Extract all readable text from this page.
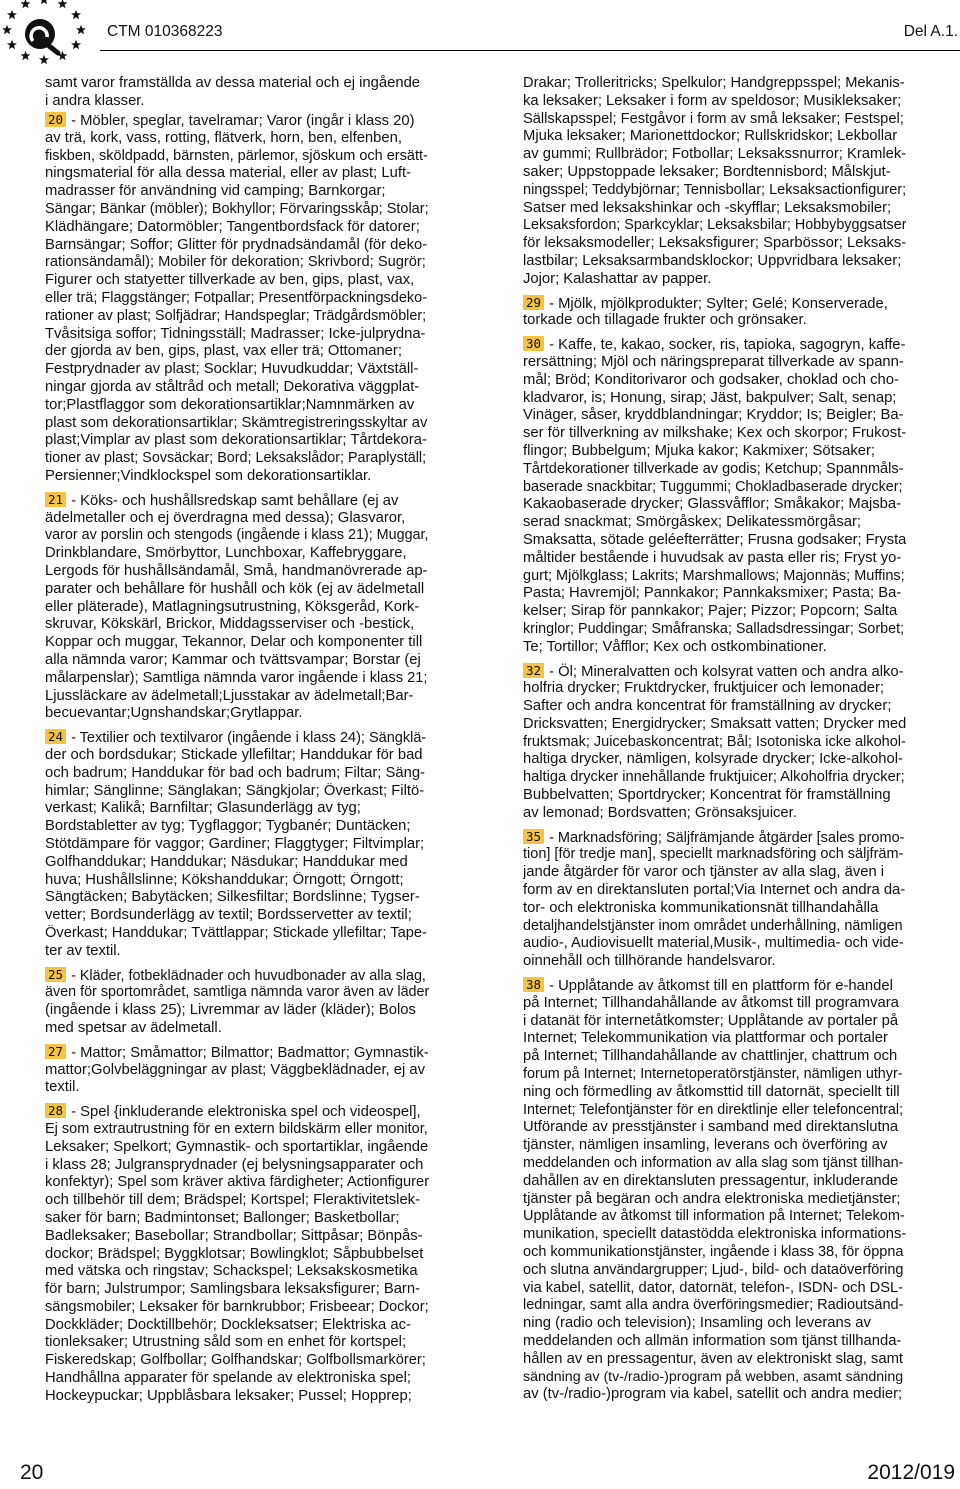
CTM 010368223	Del A.1.
samt varor framställda av dessa material och ej ingående
i andra klasser.
20 - Möbler, speglar, tavelramar; Varor (ingår i klass 20)
av trä, kork, vass, rotting, flätverk, horn, ben, elfenben,
fiskben, sköldpadd, bärnsten, pärlemor, sjöskum och ersätt-
ningsmaterial för alla dessa material, eller av plast; Luft-
madrasser för användning vid camping; Barnkorgar;
Sängar; Bänkar (möbler); Bokhyllor; Förvaringsskåp; Stolar;
Klädhängare; Datormöbler; Tangentbordsfack för datorer;
Barnsängar; Soffor; Glitter för prydnadsändamål (för deko-
rationsändamål); Mobiler för dekoration; Skrivbord; Sugrör;
Figurer och statyetter tillverkade av ben, gips, plast, vax,
eller trä; Flaggstänger; Fotpallar; Presentförpackningsdeko-
rationer av plast; Solfjädrar; Handspeglar; Trädgårdsmöbler;
Tvåsitsiga soffor; Tidningsställ; Madrasser; Icke-julprydna-
der gjorda av ben, gips, plast, vax eller trä; Ottomaner;
Festprydnader av plast; Socklar; Huvudkuddar; Växtställ-
ningar gjorda av ståltråd och metall; Dekorativa väggplat-
tor;Plastflaggor som dekorationsartiklar;Namnmärken av
plast som dekorationsartiklar; Skämtregistreringsskyltar av
plast;Vimplar av plast som dekorationsartiklar; Tårtdekora-
tioner av plast; Sovsäckar; Bord; Leksakslådor; Paraplyställ;
Persienner;Vindklockspel som dekorationsartiklar.
21 - Köks- och hushållsredskap samt behållare (ej av
ädelmetaller och ej överdragna med dessa); Glasvaror,
varor av porslin och stengods (ingående i klass 21); Muggar,
Drinkblandare, Smörbyttor, Lunchboxar, Kaffebryggare,
Lergods för hushållsändamål, Små, handmanövrerade ap-
parater och behållare för hushåll och kök (ej av ädelmetall
eller pläterade), Matlagningsutrustning, Köksgeråd, Kork-
skruvar, Kökskärl, Brickor, Middagsserviser och -bestick,
Koppar och muggar, Tekannor, Delar och komponenter till
alla nämnda varor; Kammar och tvättsvampar; Borstar (ej
målarpenslar); Samtliga nämnda varor ingående i klass 21;
Ljussläckare av ädelmetall;Ljusstakar av ädelmetall;Bar-
becuevantar;Ugnshandskar;Grytlappar.
24 - Textilier och textilvaror (ingående i klass 24); Sängklä-
der och bordsdukar; Stickade yllefiltar; Handdukar för bad
och badrum; Handdukar för bad och badrum; Filtar; Säng-
himlar; Sänglinne; Sänglakan; Sängkjolar; Överkast; Filtö-
verkast; Kalikå; Barnfiltar; Glasunderlägg av tyg;
Bordstabletter av tyg; Tygflaggor; Tygbanér; Duntäcken;
Stötdämpare för vaggor; Gardiner; Flaggtyger; Filtvimplar;
Golfhanddukar; Handdukar; Näsdukar; Handdukar med
huva; Hushållslinne; Kökshanddukar; Örngott; Örngott;
Sängtäcken; Babytäcken; Silkesfiltar; Bordslinne; Tygser-
vetter; Bordsunderlägg av textil; Bordsservetter av textil;
Överkast; Handdukar; Tvättlappar; Stickade yllefiltar; Tape-
ter av textil.
25 - Kläder, fotbeklädnader och huvudbonader av alla slag,
även för sportområdet, samtliga nämnda varor även av läder
(ingående i klass 25); Livremmar av läder (kläder); Bolos
med spetsar av ädelmetall.
27 - Mattor; Småmattor; Bilmattor; Badmattor; Gymnastik-
mattor;Golvbeläggningar av plast; Väggbeklädnader, ej av
textil.
28 - Spel {inkluderande elektroniska spel och videospel],
Ej som extrautrustning för en extern bildskärm eller monitor,
Leksaker; Spelkort; Gymnastik- och sportartiklar, ingående
i klass 28; Julgransprydnader (ej belysningsapparater och
konfektyr); Spel som kräver aktiva färdigheter; Actionfigurer
och tillbehör till dem; Brädspel; Kortspel; Fleraktivitetslek-
saker för barn; Badmintonset; Ballonger; Basketbollar;
Badleksaker; Basebollar; Strandbollar; Sittpåsar; Bönpås-
dockor; Brädspel; Byggklotsar; Bowlingklot; Såpbubbelset
med vätska och ringstav; Schackspel; Leksakskosmetika
för barn; Julstrumpor; Samlingsbara leksaksfigurer; Barn-
sängsmobiler; Leksaker för barnkrubbor; Frisbeear; Dockor;
Dockkläder; Docktillbehör; Dockleksatser; Elektriska ac-
tionleksaker; Utrustning såld som en enhet för kortspel;
Fiskeredskap; Golfbollar; Golfhandskar; Golfbollsmarkörer;
Handhållna apparater för spelande av elektroniska spel;
Hockeypuckar; Uppblåsbara leksaker; Pussel; Hopprep;
Drakar; Trolleritricks; Spelkulor; Handgreppsspel; Mekanis-
ka leksaker; Leksaker i form av speldosor; Musikleksaker;
Sällskapsspel; Festgåvor i form av små leksaker; Festspel;
Mjuka leksaker; Marionettdockor; Rullskridskor; Lekbollar
av gummi; Rullbrädor; Fotbollar; Leksakssnurror; Kramlek-
saker; Uppstoppade leksaker; Bordtennisbord; Målskjut-
ningsspel; Teddybjörnar; Tennisbollar; Leksaksactionfigurer;
Satser med leksakshinkar och -skyfflar; Leksaksmobiler;
Leksaksfordon; Sparkcyklar; Leksaksbilar; Hobbybyggsatser
för leksaksmodeller; Leksaksfigurer; Sparbössor; Leksaks-
lastbilar; Leksaksarmbandsklockor; Uppvridbara leksaker;
Jojor; Kalashattar av papper.
29 - Mjölk, mjölkprodukter; Sylter; Gelé; Konserverade,
torkade och tillagade frukter och grönsaker.
30 - Kaffe, te, kakao, socker, ris, tapioka, sagogryn, kaffe-
rersättning; Mjöl och näringspreparat tillverkade av spann-
mål; Bröd; Konditorivaror och godsaker, choklad och cho-
kladvaror, is; Honung, sirap; Jäst, bakpulver; Salt, senap;
Vinäger, såser, kryddblandningar; Kryddor; Is; Beigler; Ba-
ser för tillverkning av milkshake; Kex och skorpor; Frukost-
flingor; Bubbelgum; Mjuka kakor; Kakmixer; Sötsaker;
Tårtdekorationer tillverkade av godis; Ketchup; Spannmåls-
baserade snackbitar; Tuggummi; Chokladbaserade drycker;
Kakaobaserade drycker; Glassvåfflor; Småkakor; Majsba-
serad snackmat; Smörgåskex; Delikatessmörgåsar;
Smaksatta, sötade geléefterrätter; Frusna godsaker; Frysta
måltider bestående i huvudsak av pasta eller ris; Fryst yo-
gurt; Mjölkglass; Lakrits; Marshmallows; Majonnäs; Muffins;
Pasta; Havremjöl; Pannkakor; Pannkaksmixer; Pasta; Ba-
kelser; Sirap för pannkakor; Pajer; Pizzor; Popcorn; Salta
kringlor; Puddingar; Småfranska; Salladsdressingar; Sorbet;
Te; Tortillor; Våfflor; Kex och ostkombinationer.
32 - Öl; Mineralvatten och kolsyrat vatten och andra alko-
holfria drycker; Fruktdrycker, fruktjuicer och lemonader;
Safter och andra koncentrat för framställning av drycker;
Dricksvatten; Energidrycker; Smaksatt vatten; Drycker med
fruktsmak; Juicebaskoncentrat; Bål; Isotoniska icke alkohol-
haltiga drycker, nämligen, kolsyrade drycker; Icke-alkohol-
haltiga drycker innehållande fruktjuicer; Alkoholfria drycker;
Bubbelvatten; Sportdrycker; Koncentrat för framställning
av lemonad; Bordsvatten; Grönsaksjuicer.
35 - Marknadsföring; Säljfrämjande åtgärder [sales promo-
tion] [för tredje man], speciellt marknadsföring och säljfräm-
jande åtgärder för varor och tjänster av alla slag, även i
form av en direktansluten portal;Via Internet och andra da-
tor- och elektroniska kommunikationsnät tillhandahålla
detaljhandelstjänster inom området underhållning, nämligen
audio-, Audiovisuellt material,Musik-, multimedia- och vide-
oinnehåll och tillhörande handelsvaror.
38 - Upplåtande av åtkomst till en plattform för e-handel
på Internet; Tillhandahållande av åtkomst till programvara
i datanät för internetåtkomster; Upplåtande av portaler på
Internet; Telekommunikation via plattformar och portaler
på Internet; Tillhandahållande av chattlinjer, chattrum och
forum på Internet; Internetoperatörstjänster, nämligen uthyr-
ning och förmedling av åtkomsttid till datornät, speciellt till
Internet; Telefontjänster för en direktlinje eller telefoncentral;
Utförande av presstjänster i samband med direktanslutna
tjänster, nämligen insamling, leverans och överföring av
meddelanden och information av alla slag som tjänst tillhan-
dahållen av en direktansluten pressagentur, inkluderande
tjänster på begäran och andra elektroniska medietjänster;
Upplåtande av åtkomst till information på Internet; Telekom-
munikation, speciellt datastödda elektroniska informations-
och kommunikationstjänster, ingående i klass 38, för öppna
och slutna användargrupper; Ljud-, bild- och dataöverföring
via kabel, satellit, dator, datornät, telefon-, ISDN- och DSL-
ledningar, samt alla andra överföringsmedier; Radioutsänd-
ning (radio och television); Insamling och leverans av
meddelanden och allmän information som tjänst tillhanda-
hållen av en pressagentur, även av elektroniskt slag, samt
sändning av (tv-/radio-)program på webben, asamt sändning
av (tv-/radio-)program via kabel, satellit och andra medier;
20	2012/019
